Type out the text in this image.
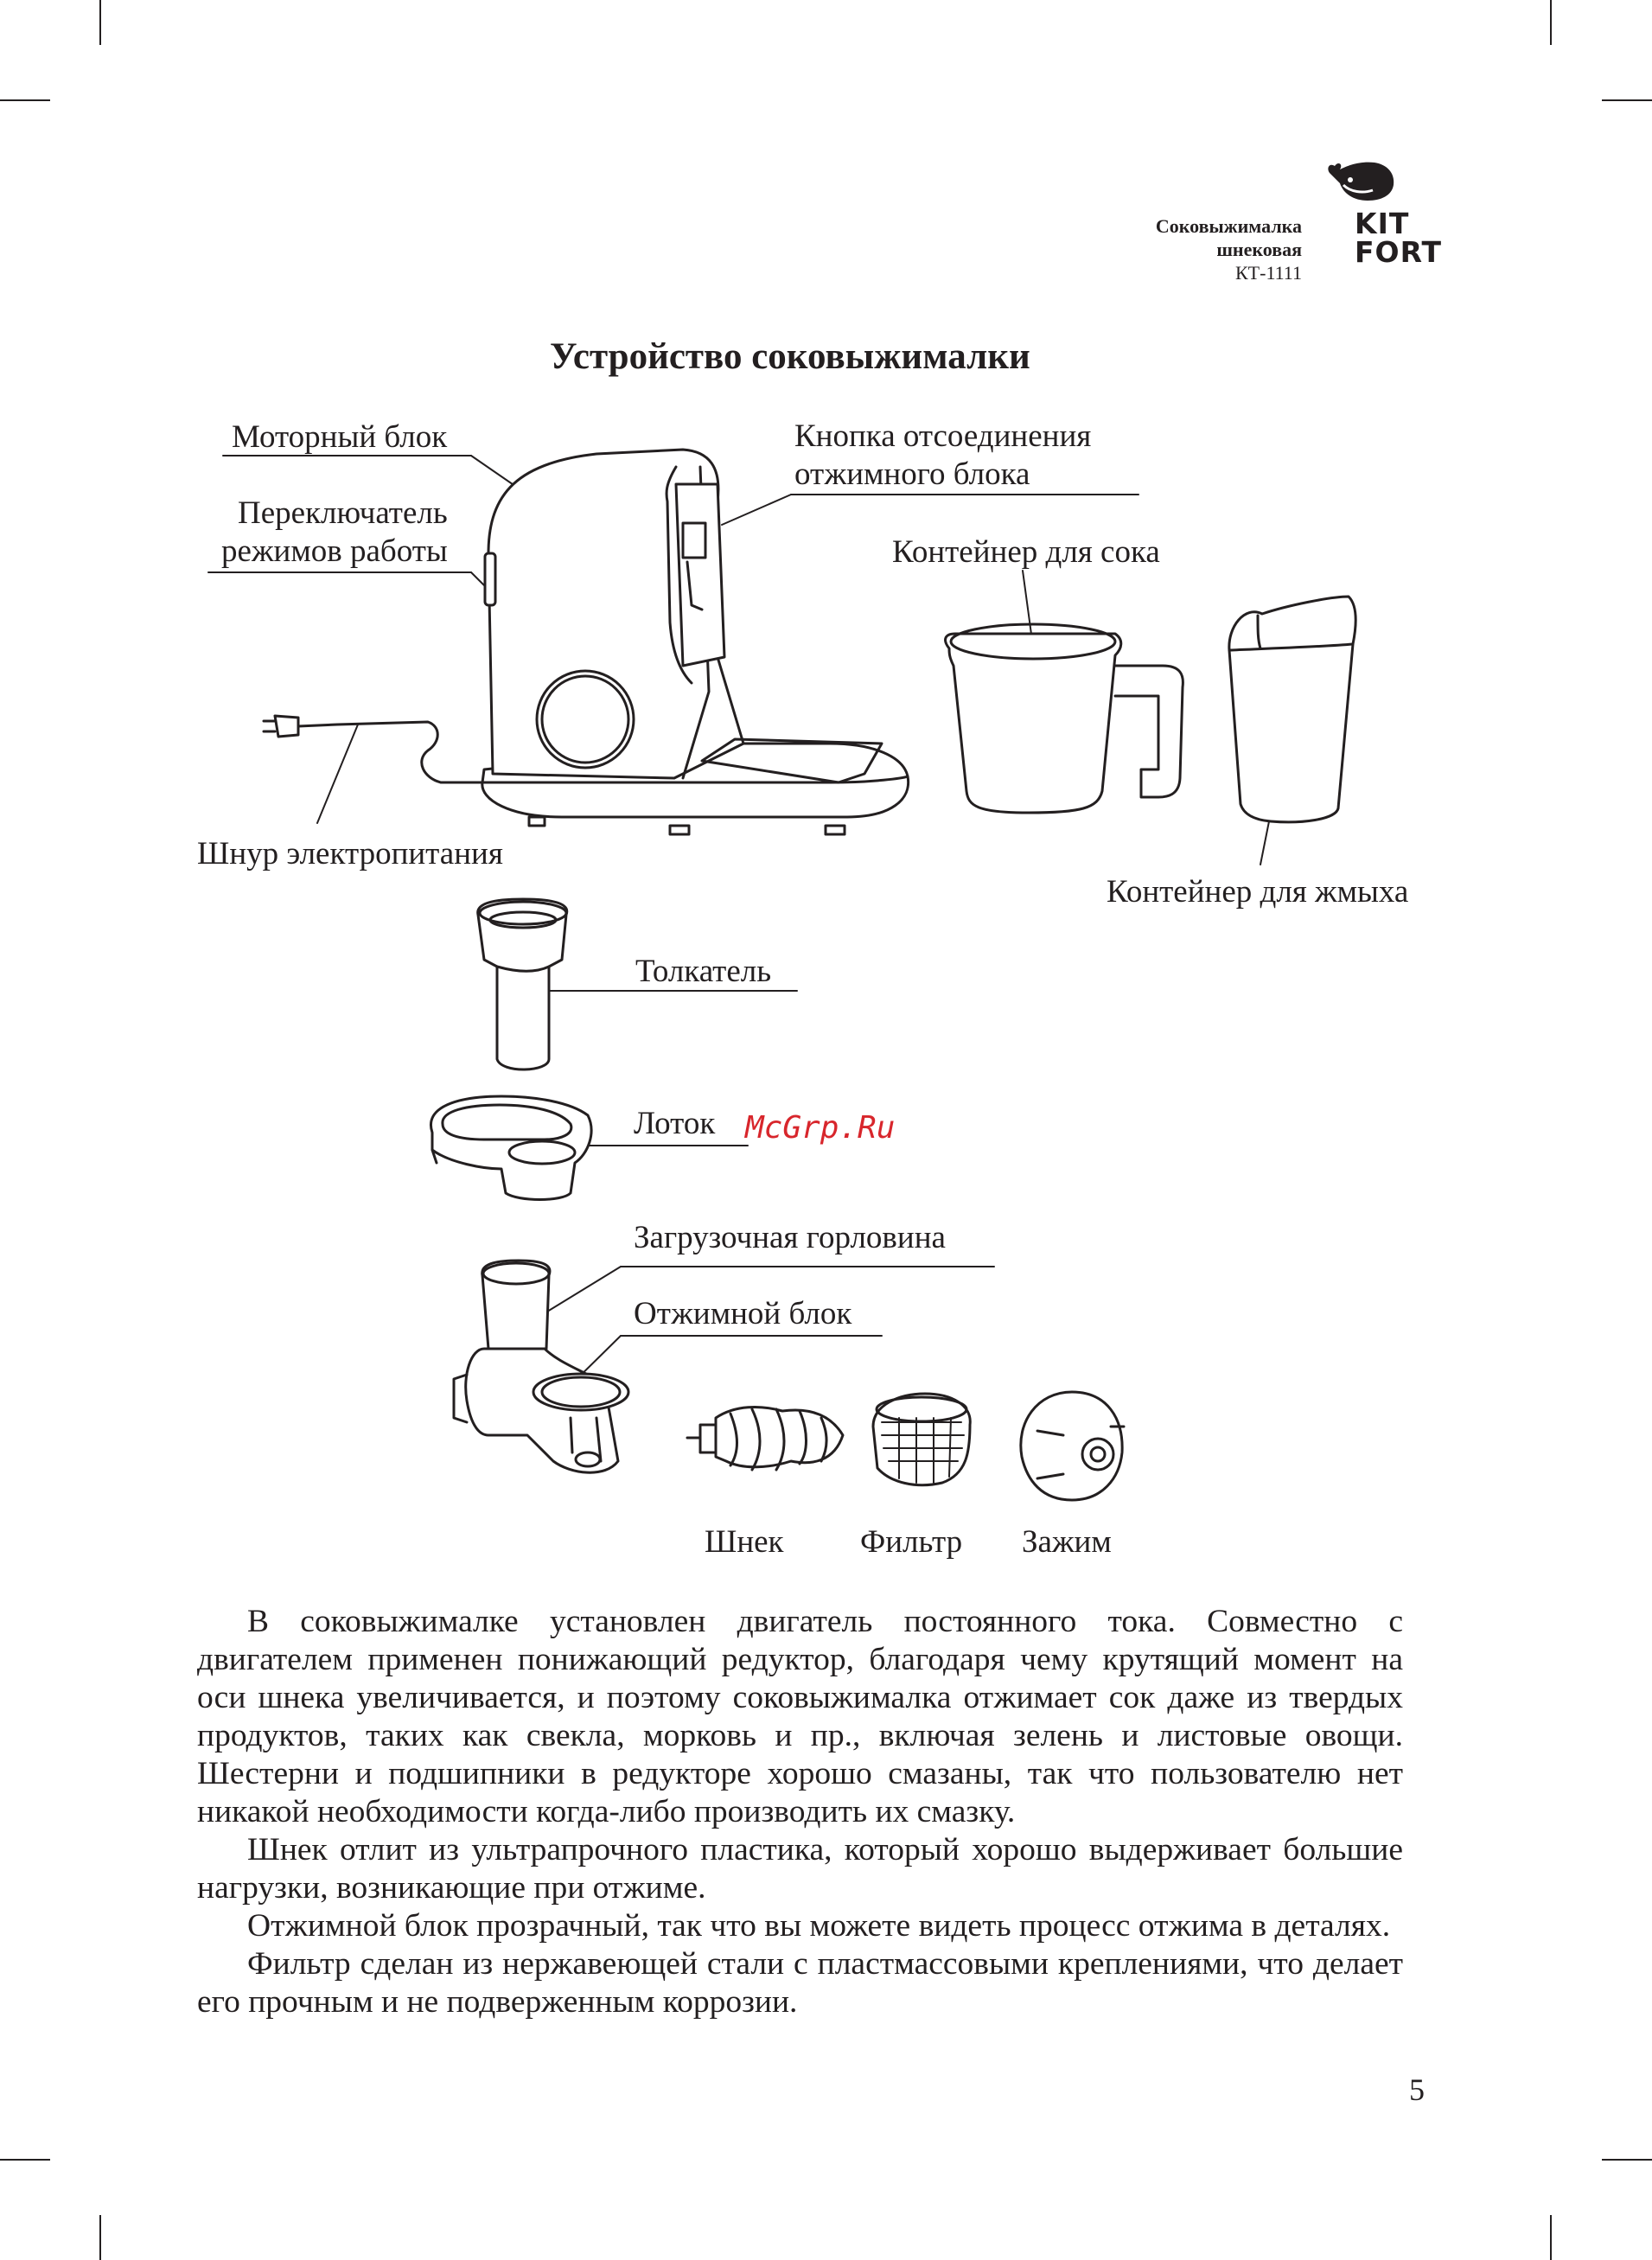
Соковыжималка
шнековая
КТ-1111
KIT
FORT
Устройство соковыжималки
Моторный блок
Переключатель
режимов работы
Кнопка отсоединения
отжимного блока
Контейнер для сока
Шнур электропитания
Контейнер для жмыха
Толкатель
Лоток McGrp.Ru
Загрузочная горловина
Отжимной блок
Шнек Фильтр Зажим

В соковыжималке установлен двигатель постоянного тока. Совместно с двигателем применен понижающий редуктор, благодаря чему крутящий момент на оси шнека увеличивается, и поэтому соковыжималка отжимает сок даже из твердых продуктов, таких как свекла, морковь и пр., включая зелень и листовые овощи. Шестерни и подшипники в редукторе хорошо смазаны, так что пользователю нет никакой необходимости когда-либо производить их смазку.

Шнек отлит из ультрапрочного пластика, который хорошо выдерживает большие нагрузки, возникающие при отжиме.

Отжимной блок прозрачный, так что вы можете видеть процесс отжима в деталях.

Фильтр сделан из нержавеющей стали с пластмассовыми креплениями, что делает его прочным и не подверженным коррозии.

5
